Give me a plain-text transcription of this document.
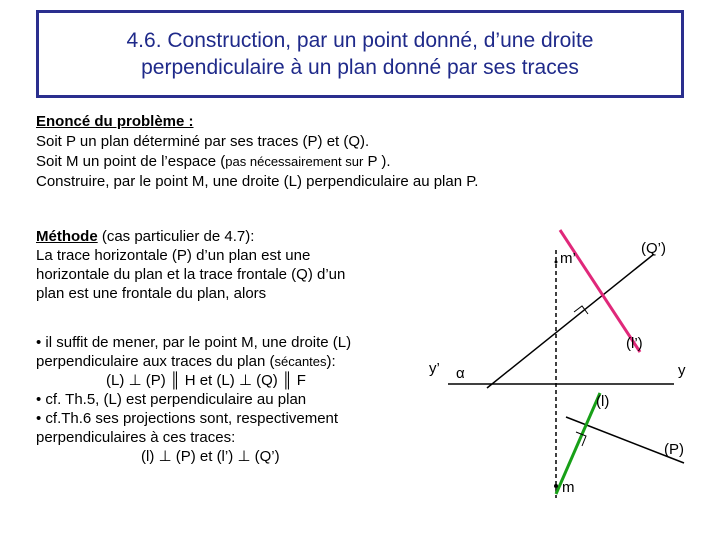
4.6. Construction, par un point donné, d’une droite
perpendiculaire à un plan donné par ses traces
Enoncé du problème :
Soit P un plan déterminé par ses traces (P) et (Q).
Soit M un point de l’espace (pas nécessairement sur P ).
Construire, par le point M, une droite (L) perpendiculaire au plan P.
Méthode (cas particulier de 4.7):
La trace horizontale (P) d’un plan est une
horizontale du plan et la trace frontale (Q) d’un
plan est une frontale du plan, alors
• il suffit de mener, par le point M, une droite (L)
perpendiculaire aux traces du plan (sécantes):
(L) ⊥ (P) ║ H et (L) ⊥ (Q) ║ F
• cf. Th.5, (L) est perpendiculaire au plan
• cf.Th.6 ses projections sont, respectivement
perpendiculaires à ces traces:
(l) ⊥ (P) et (l’) ⊥ (Q’)
m’
(Q’)
(l’)
y’ α	y
(l)
(P)
m
